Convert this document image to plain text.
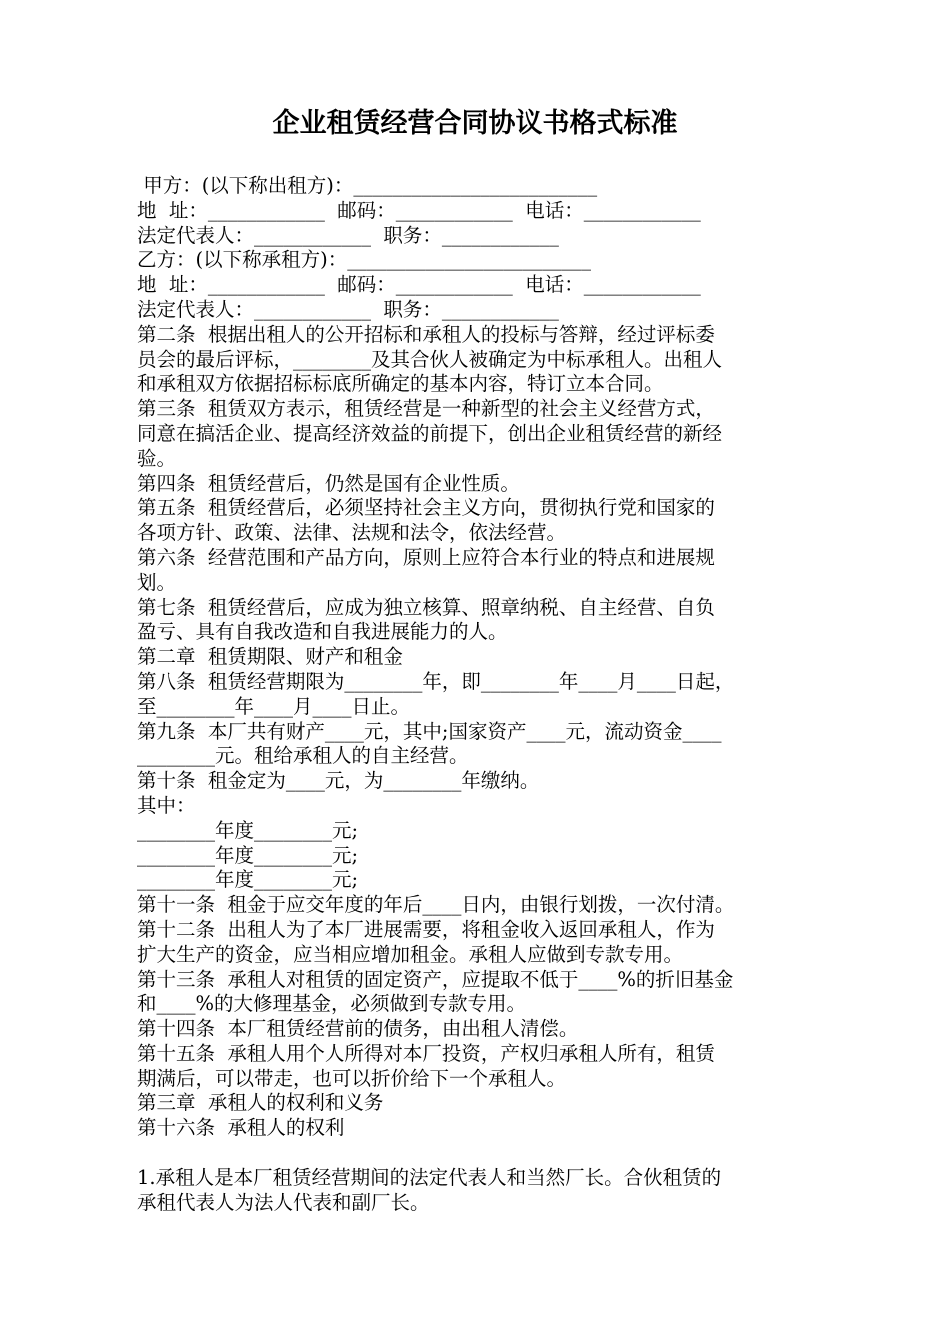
企业租赁经营合同协议书格式标准
甲方：(以下称出租方)：_________________________
地  址：____________  邮码：____________  电话：____________
法定代表人：____________  职务：____________
乙方：(以下称承租方)：_________________________
地  址：____________  邮码：____________  电话：____________
法定代表人：____________  职务：____________
第二条  根据出租人的公开招标和承租人的投标与答辩，经过评标委
员会的最后评标，________及其合伙人被确定为中标承租人。出租人
和承租双方依据招标标底所确定的基本内容，特订立本合同。
第三条  租赁双方表示，租赁经营是一种新型的社会主义经营方式，
同意在搞活企业、提高经济效益的前提下，创出企业租赁经营的新经
验。
第四条  租赁经营后，仍然是国有企业性质。
第五条  租赁经营后，必须坚持社会主义方向，贯彻执行党和国家的
各项方针、政策、法律、法规和法令，依法经营。
第六条  经营范围和产品方向，原则上应符合本行业的特点和进展规
划。
第七条  租赁经营后，应成为独立核算、照章纳税、自主经营、自负
盈亏、具有自我改造和自我进展能力的人。
第二章  租赁期限、财产和租金
第八条  租赁经营期限为________年，即________年____月____日起，
至________年____月____日止。
第九条  本厂共有财产____元，其中;国家资产____元，流动资金____
________元。租给承租人的自主经营。
第十条  租金定为____元，为________年缴纳。
其中：
________年度________元;
________年度________元;
________年度________元;
第十一条  租金于应交年度的年后____日内，由银行划拨，一次付清。
第十二条  出租人为了本厂进展需要，将租金收入返回承租人，作为
扩大生产的资金，应当相应增加租金。承租人应做到专款专用。
第十三条  承租人对租赁的固定资产，应提取不低于____%的折旧基金
和____%的大修理基金，必须做到专款专用。
第十四条  本厂租赁经营前的债务，由出租人清偿。
第十五条  承租人用个人所得对本厂投资，产权归承租人所有，租赁
期满后，可以带走，也可以折价给下一个承租人。
第三章  承租人的权利和义务
第十六条  承租人的权利
1.承租人是本厂租赁经营期间的法定代表人和当然厂长。合伙租赁的
承租代表人为法人代表和副厂长。
